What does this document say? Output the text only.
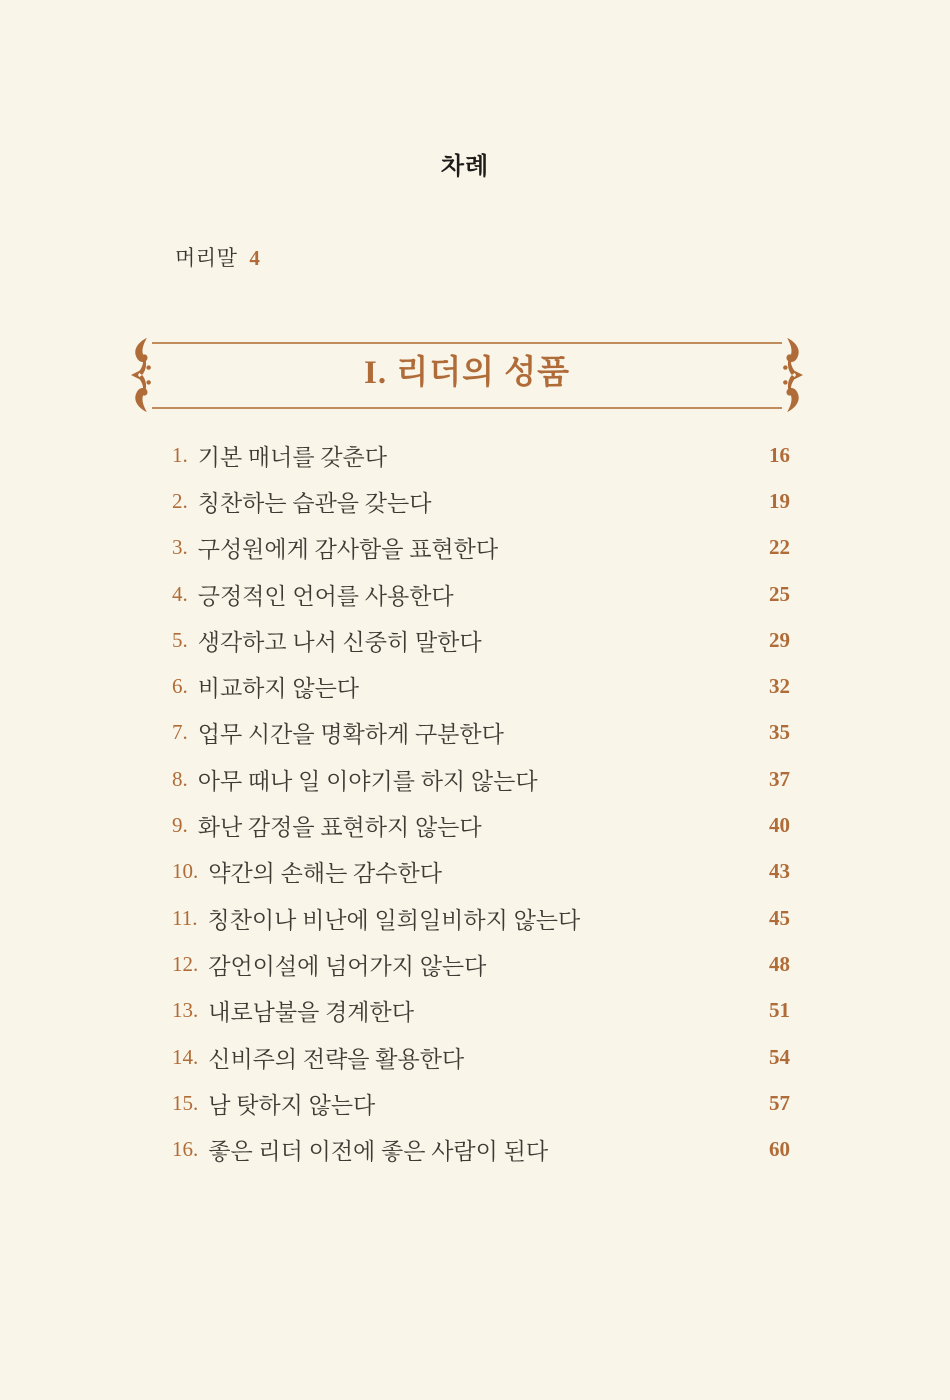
차례
머리말 4
I. 리더의 성품
1. 기본 매너를 갖춘다	16
2. 칭찬하는 습관을 갖는다	19
3. 구성원에게 감사함을 표현한다	22
4. 긍정적인 언어를 사용한다	25
5. 생각하고 나서 신중히 말한다	29
6. 비교하지 않는다	32
7. 업무 시간을 명확하게 구분한다	35
8. 아무 때나 일 이야기를 하지 않는다	37
9. 화난 감정을 표현하지 않는다	40
10. 약간의 손해는 감수한다	43
11. 칭찬이나 비난에 일희일비하지 않는다	45
12. 감언이설에 넘어가지 않는다	48
13. 내로남불을 경계한다	51
14. 신비주의 전략을 활용한다	54
15. 남 탓하지 않는다	57
16. 좋은 리더 이전에 좋은 사람이 된다	60
